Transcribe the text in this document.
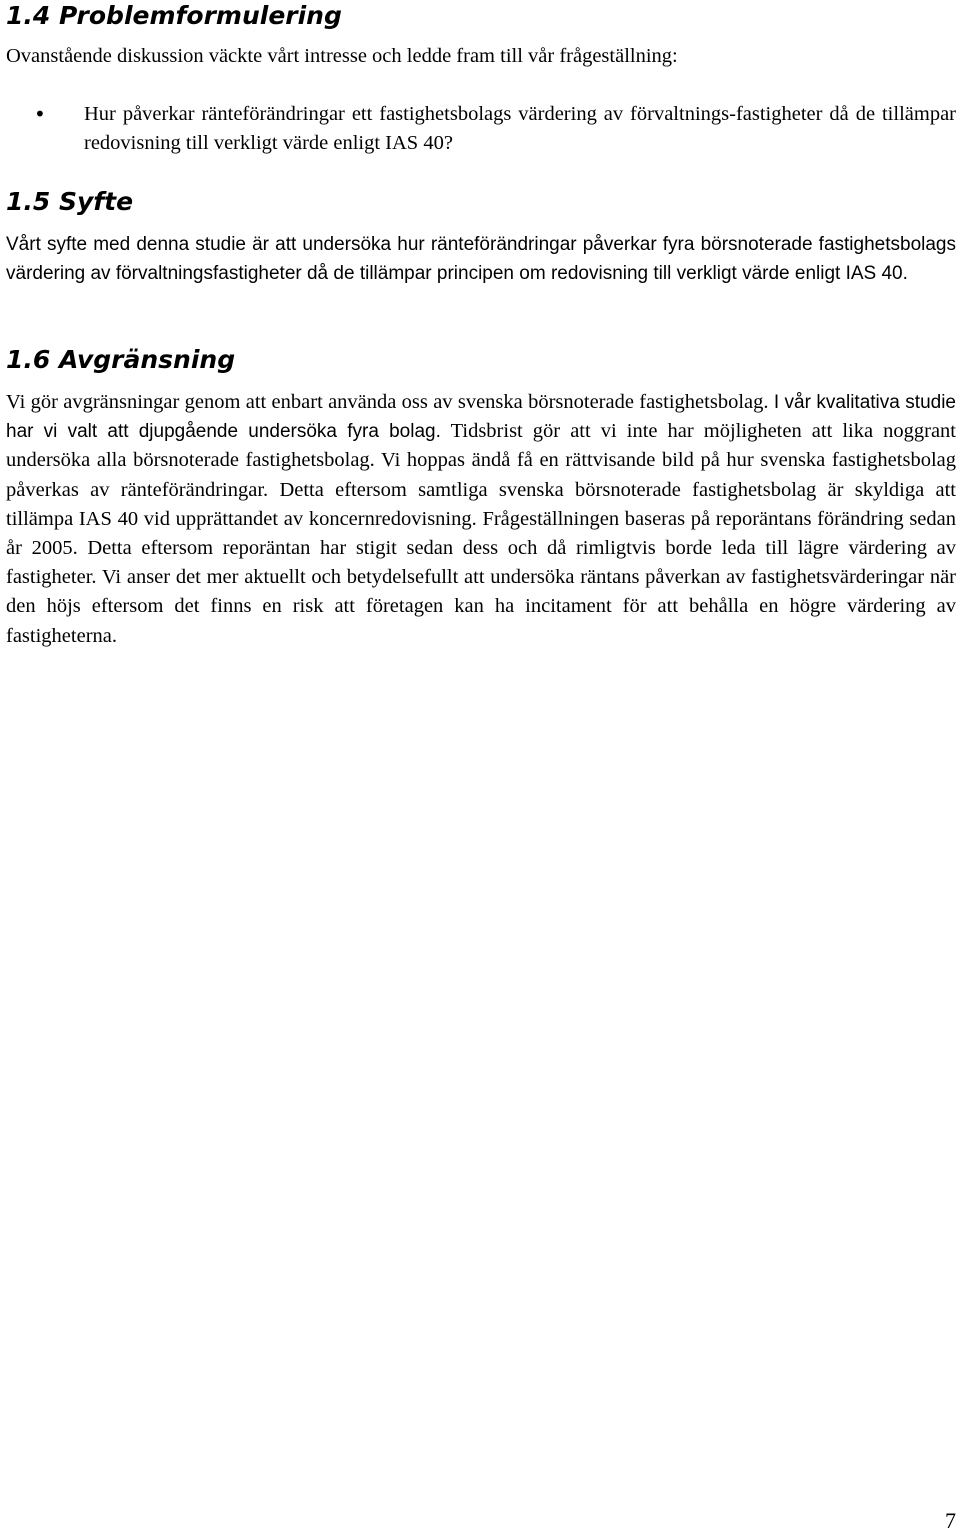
1.4 Problemformulering

Ovanstående diskussion väckte vårt intresse och ledde fram till vår frågeställning:

• Hur påverkar ränteförändringar ett fastighetsbolags värdering av förvaltnings-fastigheter då de tillämpar redovisning till verkligt värde enligt IAS 40?

1.5 Syfte

Vårt syfte med denna studie är att undersöka hur ränteförändringar påverkar fyra börsnoterade fastighetsbolags värdering av förvaltningsfastigheter då de tillämpar principen om redovisning till verkligt värde enligt IAS 40.

1.6 Avgränsning

Vi gör avgränsningar genom att enbart använda oss av svenska börsnoterade fastighetsbolag. I vår kvalitativa studie har vi valt att djupgående undersöka fyra bolag. Tidsbrist gör att vi inte har möjligheten att lika noggrant undersöka alla börsnoterade fastighetsbolag. Vi hoppas ändå få en rättvisande bild på hur svenska fastighetsbolag påverkas av ränteförändringar. Detta eftersom samtliga svenska börsnoterade fastighetsbolag är skyldiga att tillämpa IAS 40 vid upprättandet av koncernredovisning. Frågeställningen baseras på reporäntans förändring sedan år 2005. Detta eftersom reporäntan har stigit sedan dess och då rimligtvis borde leda till lägre värdering av fastigheter. Vi anser det mer aktuellt och betydelsefullt att undersöka räntans påverkan av fastighetsvärderingar när den höjs eftersom det finns en risk att företagen kan ha incitament för att behålla en högre värdering av fastigheterna.

7
